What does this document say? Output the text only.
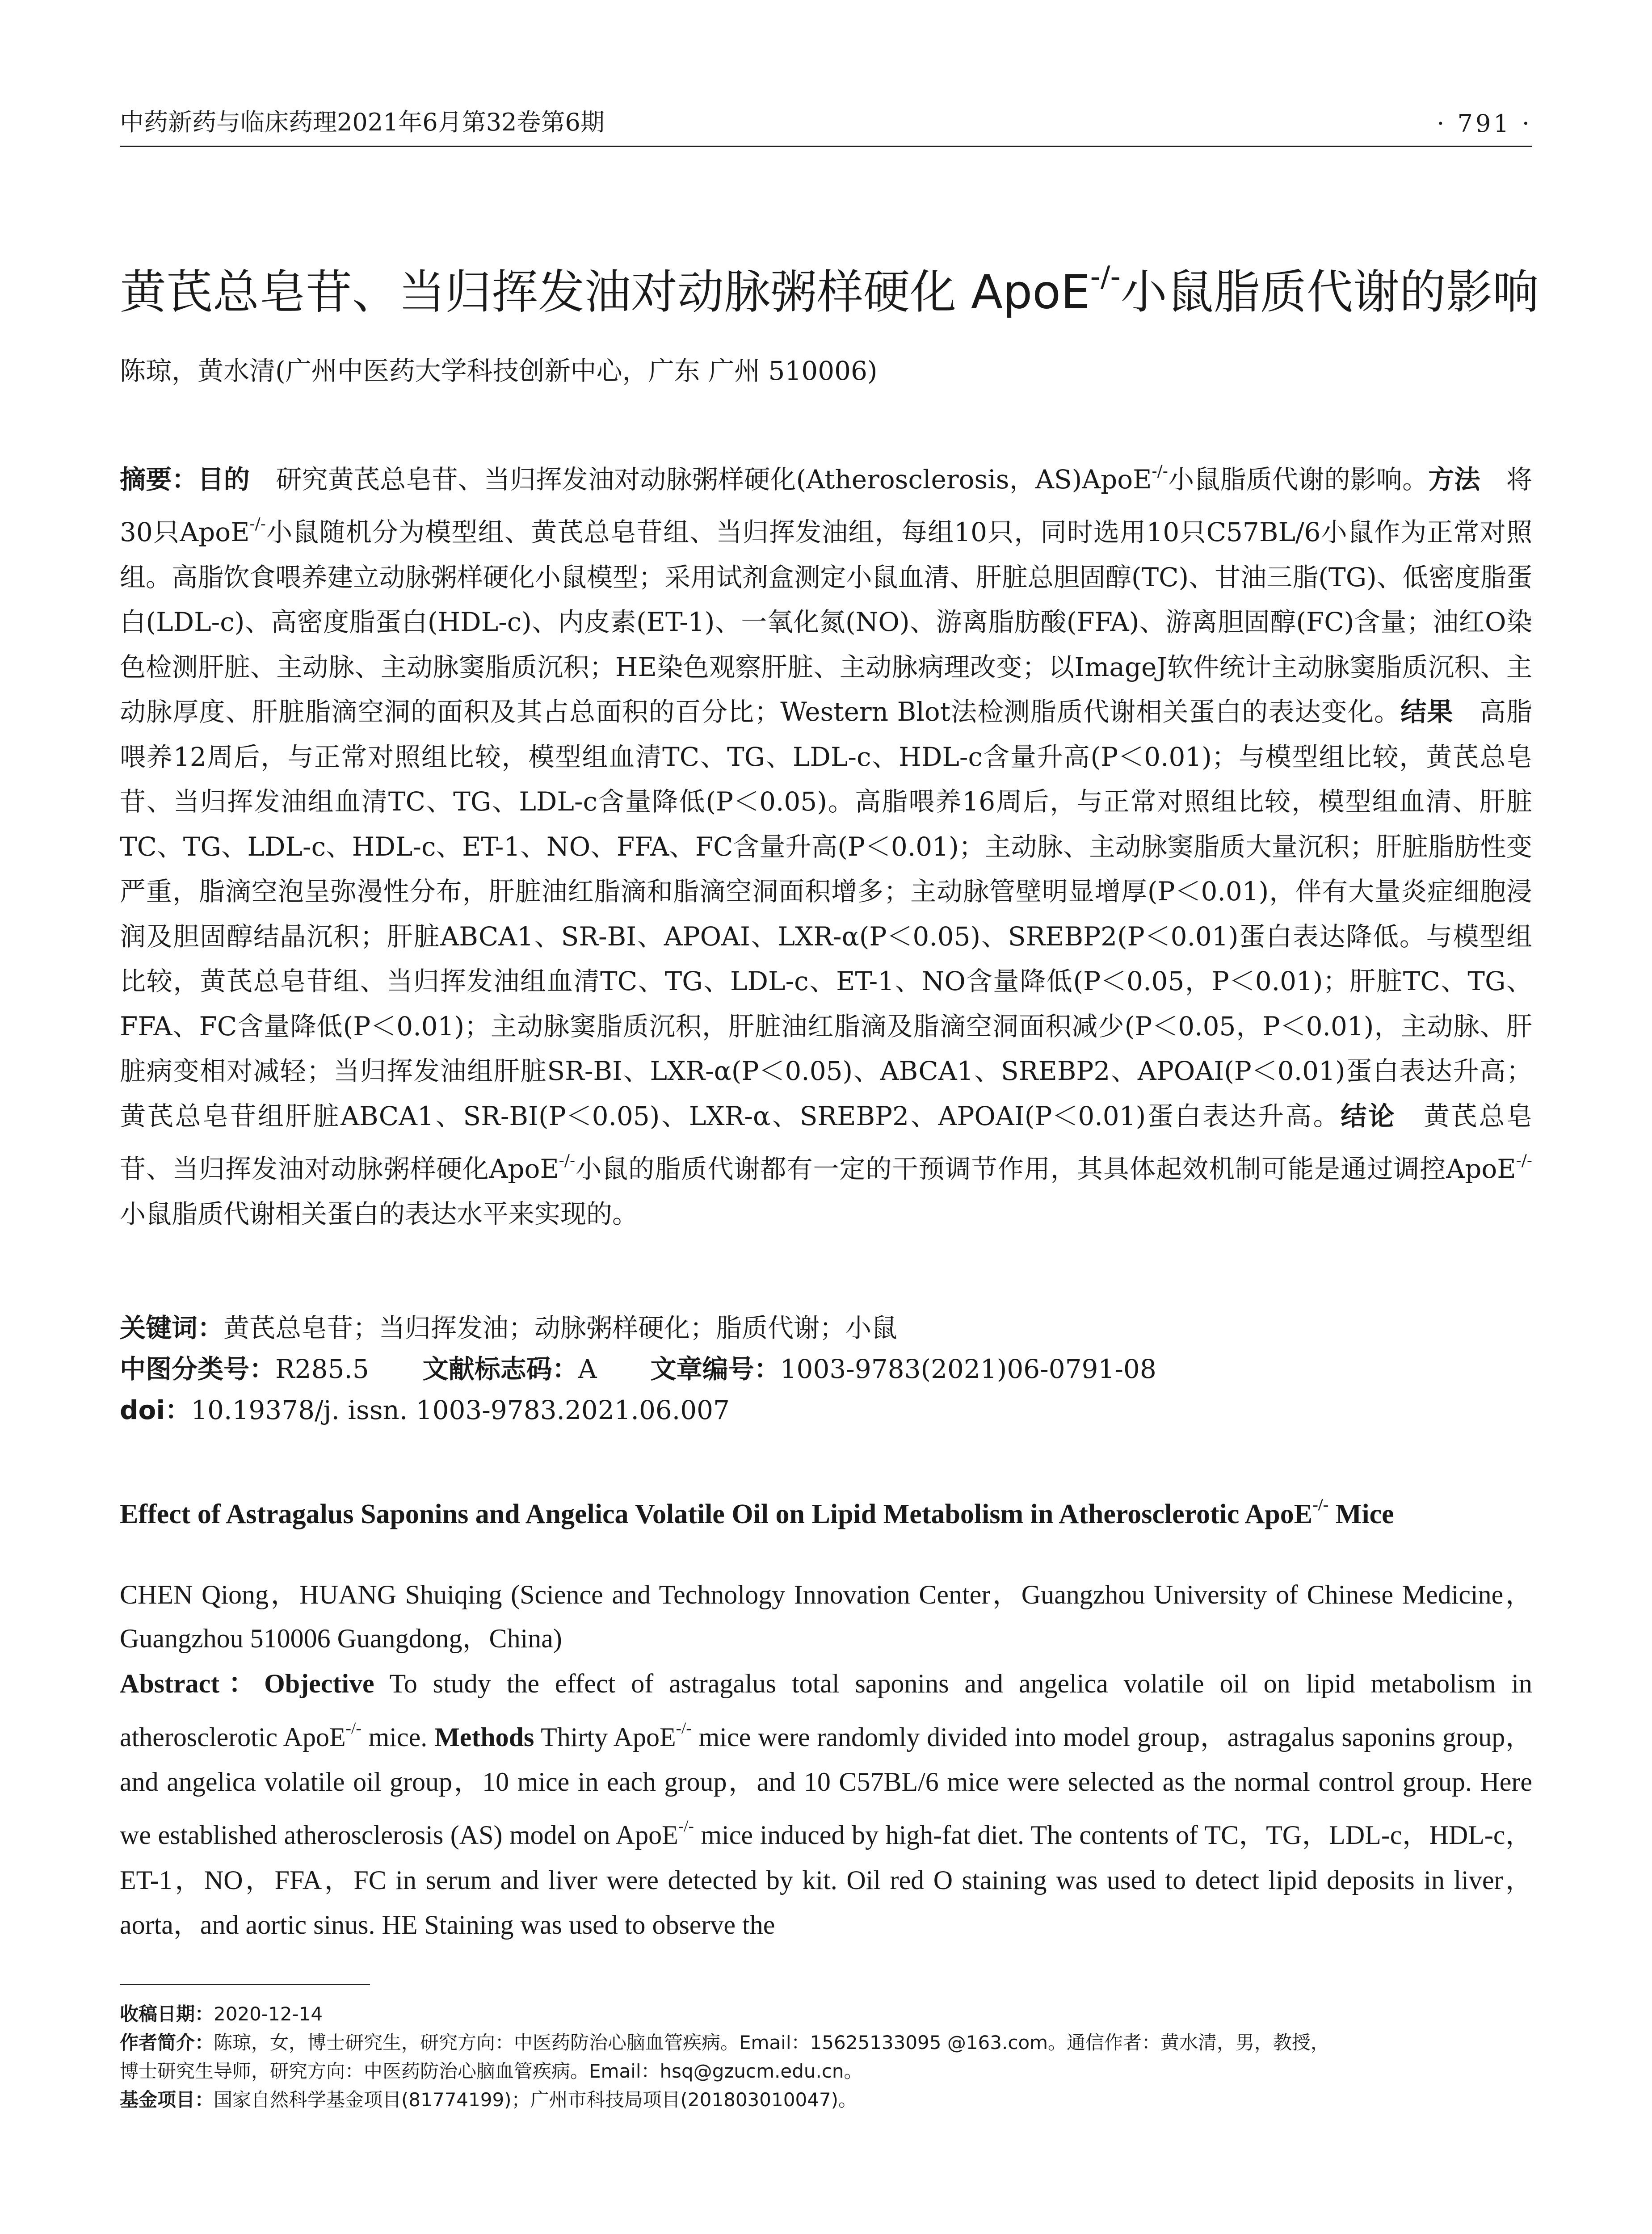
中药新药与临床药理2021年6月第32卷第6期	· 791 ·
黄芪总皂苷、当归挥发油对动脉粥样硬化 ApoE-/-小鼠脂质代谢的影响
陈琼，黄水清(广州中医药大学科技创新中心，广东 广州 510006)
摘要：目的　 研究黄芪总皂苷、当归挥发油对动脉粥样硬化(Atherosclerosis，AS)ApoE-/-小鼠脂质代谢的影响。方法　 将30只ApoE-/-小鼠随机分为模型组、黄芪总皂苷组、当归挥发油组，每组10只，同时选用10只C57BL/6小鼠作为正常对照组。高脂饮食喂养建立动脉粥样硬化小鼠模型；采用试剂盒测定小鼠血清、肝脏总胆固醇(TC)、甘油三脂(TG)、低密度脂蛋白(LDL-c)、高密度脂蛋白(HDL-c)、内皮素(ET-1)、一氧化氮(NO)、游离脂肪酸(FFA)、游离胆固醇(FC)含量；油红O染色检测肝脏、主动脉、主动脉窦脂质沉积；HE染色观察肝脏、主动脉病理改变；以ImageJ软件统计主动脉窦脂质沉积、主动脉厚度、肝脏脂滴空洞的面积及其占总面积的百分比；Western Blot法检测脂质代谢相关蛋白的表达变化。结果　 高脂喂养12周后，与正常对照组比较，模型组血清TC、TG、LDL-c、HDL-c含量升高(P＜0.01)；与模型组比较，黄芪总皂苷、当归挥发油组血清TC、TG、LDL-c含量降低(P＜0.05)。高脂喂养16周后，与正常对照组比较，模型组血清、肝脏TC、TG、LDL-c、HDL-c、ET-1、NO、FFA、FC含量升高(P＜0.01)；主动脉、主动脉窦脂质大量沉积；肝脏脂肪性变严重，脂滴空泡呈弥漫性分布，肝脏油红脂滴和脂滴空洞面积增多；主动脉管壁明显增厚(P＜0.01)，伴有大量炎症细胞浸润及胆固醇结晶沉积；肝脏ABCA1、SR-BI、APOAI、LXR-α(P＜0.05)、SREBP2(P＜0.01)蛋白表达降低。与模型组比较，黄芪总皂苷组、当归挥发油组血清TC、TG、LDL-c、ET-1、NO含量降低(P＜0.05，P＜0.01)；肝脏TC、TG、FFA、FC含量降低(P＜0.01)；主动脉窦脂质沉积，肝脏油红脂滴及脂滴空洞面积减少(P＜0.05，P＜0.01)，主动脉、肝脏病变相对减轻；当归挥发油组肝脏SR-BI、LXR-α(P＜0.05)、ABCA1、SREBP2、APOAI(P＜0.01)蛋白表达升高；黄芪总皂苷组肝脏ABCA1、SR-BI(P＜0.05)、LXR-α、SREBP2、APOAI(P＜0.01)蛋白表达升高。结论　 黄芪总皂苷、当归挥发油对动脉粥样硬化ApoE-/-小鼠的脂质代谢都有一定的干预调节作用，其具体起效机制可能是通过调控ApoE-/-小鼠脂质代谢相关蛋白的表达水平来实现的。
关键词：黄芪总皂苷；当归挥发油；动脉粥样硬化；脂质代谢；小鼠
中图分类号：R285.5 文献标志码：A 文章编号：1003-9783(2021)06-0791-08
doi：10.19378/j. issn. 1003-9783.2021.06.007
Effect of Astragalus Saponins and Angelica Volatile Oil on Lipid Metabolism in Atherosclerotic ApoE-/- Mice
CHEN Qiong，HUANG Shuiqing (Science and Technology Innovation Center，Guangzhou University of Chinese Medicine，Guangzhou 510006 Guangdong，China)
Abstract：Objective To study the effect of astragalus total saponins and angelica volatile oil on lipid metabolism in atherosclerotic ApoE-/- mice. Methods Thirty ApoE-/- mice were randomly divided into model group，astragalus saponins group，and angelica volatile oil group，10 mice in each group，and 10 C57BL/6 mice were selected as the normal control group. Here we established atherosclerosis (AS) model on ApoE-/- mice induced by high-fat diet. The contents of TC，TG，LDL-c，HDL-c，ET-1，NO，FFA，FC in serum and liver were detected by kit. Oil red O staining was used to detect lipid deposits in liver，aorta，and aortic sinus. HE Staining was used to observe the
收稿日期：2020-12-14
作者简介：陈琼，女，博士研究生，研究方向：中医药防治心脑血管疾病。Email：15625133095 @163.com。通信作者：黄水清，男，教授，
博士研究生导师，研究方向：中医药防治心脑血管疾病。Email：hsq@gzucm.edu.cn。
基金项目：国家自然科学基金项目(81774199)；广州市科技局项目(201803010047)。
